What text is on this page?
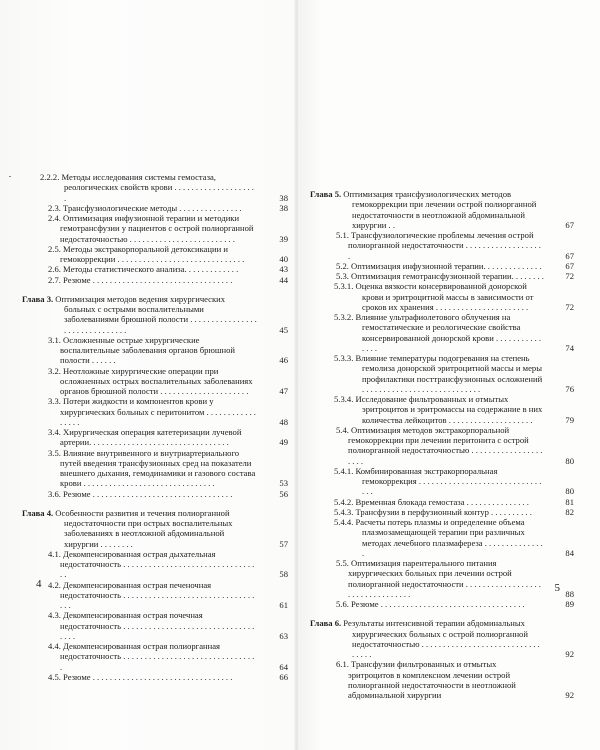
2.2.2. Методы исследования системы гемостаза, реологических свойств крови . . . . . . . . . . . . . . . . . . . .	38
2.3. Трансфузиологические методы . . . . . . . . . . . . . . .	38
2.4. Оптимизация инфузионной терапии и методики гемотрансфузии у пациентов с острой полиорганной недостаточностью . . . . . . . . . . . . . . . . . . . . . . . . .	39
2.5. Методы экстракорпоральной детоксикации и гемокоррекции . . . . . . . . . . . . . . . . . . . . . . . . . . . . . .	40
2.6. Методы статистического анализа. . . . . . . . . . . . .	43
2.7. Резюме . . . . . . . . . . . . . . . . . . . . . . . . . . . . . . . . .	44
Глава 3. Оптимизация методов ведения хирургических больных с острыми воспалительными заболеваниями брюшной полости . . . . . . . . . . . . . . . . . . . . . . . . . . . . . . .	45
3.1. Осложненные острые хирургические воспалительные заболевания органов брюшной полости . . . . . .	46
3.2. Неотложные хирургические операции при осложненных острых воспалительных заболеваниях органов брюшной полости . . . . . . . . . . . . . . . . . . . . .	47
3.3. Потери жидкости и компонентов крови у хирургических больных с перитонитом . . . . . . . . . . . . . . . . .	48
3.4. Хирургическая операция катетеризации лучевой артерии. . . . . . . . . . . . . . . . . . . . . . . . . . . . . . . . .	49
3.5. Влияние внутривенного и внутриартериального путей введения трансфузионных сред на показатели внешнего дыхания, гемодинамики и газового состава крови . . . . . . . . . . . . . . . . . . . . . . . . . . . . . . .	53
3.6. Резюме . . . . . . . . . . . . . . . . . . . . . . . . . . . . . . . . .	56
Глава 4. Особенности развития и течения полиорганной недостаточности при острых воспалительных заболеваниях в неотложной абдоминальной хирургии . . . . . . . .	57
4.1. Декомпенсированная острая дыхательная недостаточность . . . . . . . . . . . . . . . . . . . . . . . . . . . . . . . . .	58
4.2. Декомпенсированная острая печеночная недостаточность . . . . . . . . . . . . . . . . . . . . . . . . . . . . . . . . . .	61
4.3. Декомпенсированная острая почечная недостаточность . . . . . . . . . . . . . . . . . . . . . . . . . . . . . . . . . . .	63
4.4. Декомпенсированная острая полиорганная недостаточность . . . . . . . . . . . . . . . . . . . . . . . . . . . . . . . .	64
4.5. Резюме . . . . . . . . . . . . . . . . . . . . . . . . . . . . . . . . .	66
4
Глава 5. Оптимизация трансфузиологических методов гемокоррекции при лечении острой полиорганной недостаточности в неотложной абдоминальной хирургии . .	67
5.1. Трансфузиологические проблемы лечения острой полиорганной недостаточности . . . . . . . . . . . . . . . . . . .	67
5.2. Оптимизация инфузионной терапии. . . . . . . . . . . . . .	67
5.3. Оптимизация гемотрансфузионной терапии. . . . . . . .	72
5.3.1. Оценка вязкости консервированной донорской крови и эритроцитной массы в зависимости от сроков их хранения . . . . . . . . . . . . . . . . . . . . . .	72
5.3.2. Влияние ультрафиолетового облучения на гемостатические и реологические свойства консервированной донорской крови . . . . . . . . . . . . . . .	74
5.3.3. Влияние температуры подогревания на степень гемолиза донорской эритроцитной массы и меры профилактики посттрансфузионных осложнений . . . . . . . . . . . . . . . . . . . . . . . . . . . .	76
5.3.4. Исследование фильтрованных и отмытых эритроцитов и эритромассы на содержание в них количества лейкоцитов . . . . . . . . . . . . . . . . . . . .	79
5.4. Оптимизация методов экстракорпоральной гемокоррекции при лечении перитонита с острой полиорганной недостаточностью . . . . . . . . . . . . . . . . . . . . .	80
5.4.1. Комбинированная экстракорпоральная гемокоррекция . . . . . . . . . . . . . . . . . . . . . . . . . . . . . . . .	80
5.4.2. Временная блокада гемостаза . . . . . . . . . . . . . . .	81
5.4.3. Трансфузии в перфузионный контур . . . . . . . . . .	82
5.4.4. Расчеты потерь плазмы и определение объема плазмозамещающей терапии при различных методах лечебного плазмафереза . . . . . . . . . . . . . . .	84
5.5. Оптимизация парентерального питания хирургических больных при лечении острой полиорганной недостаточности . . . . . . . . . . . . . . . . . . . . . . . . . . . . . . . . .	88
5.6. Резюме . . . . . . . . . . . . . . . . . . . . . . . . . . . . . . . . . .	89
Глава 6. Результаты интенсивной терапии абдоминальных хирургических больных с острой полиорганной недостаточностью . . . . . . . . . . . . . . . . . . . . . . . . . . . . . . . . .	92
6.1. Трансфузии фильтрованных и отмытых эритроцитов в комплексном лечении острой полиорганной недостаточности в неотложной абдоминальной хирургии	92
5
